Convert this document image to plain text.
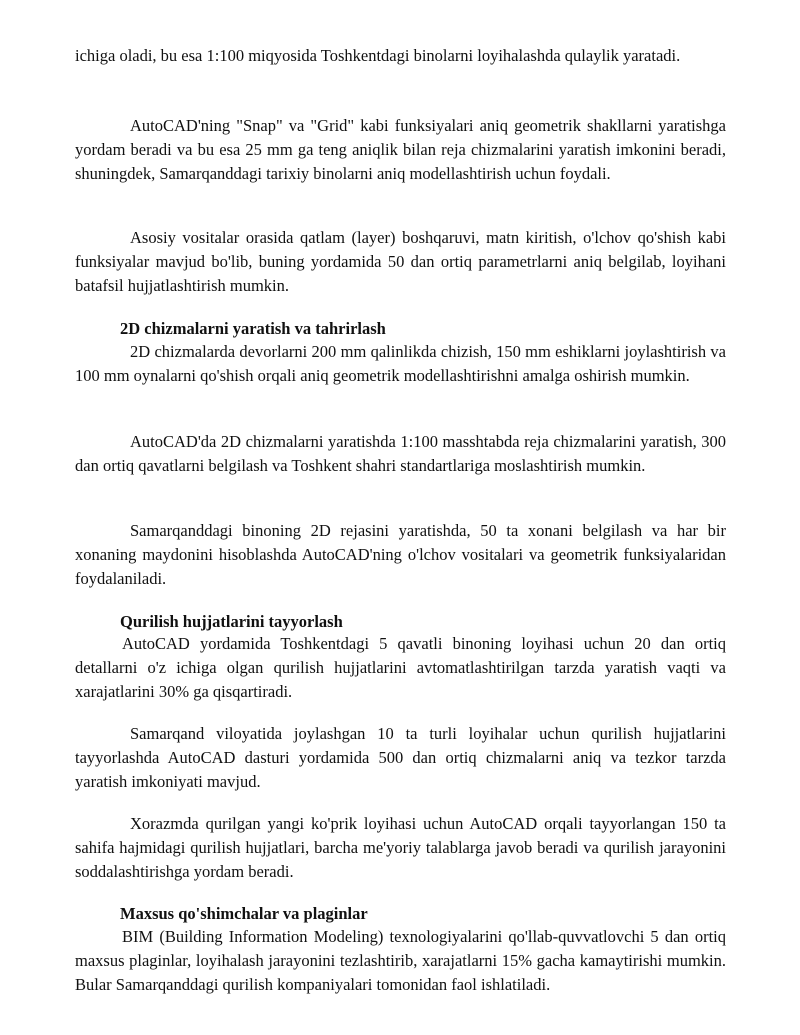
ichiga oladi, bu esa 1:100 miqyosida Toshkentdagi binolarni loyihalashda qulaylik yaratadi.

AutoCAD'ning "Snap" va "Grid" kabi funksiyalari aniq geometrik shakllarni yaratishga yordam beradi va bu esa 25 mm ga teng aniqlik bilan reja chizmalarini yaratish imkonini beradi, shuningdek, Samarqanddagi tarixiy binolarni aniq modellashtirish uchun foydali.

Asosiy vositalar orasida qatlam (layer) boshqaruvi, matn kiritish, o'lchov qo'shish kabi funksiyalar mavjud bo'lib, buning yordamida 50 dan ortiq parametrlarni aniq belgilab, loyihani batafsil hujjatlashtirish mumkin.

2D chizmalarni yaratish va tahrirlash

2D chizmalarda devorlarni 200 mm qalinlikda chizish, 150 mm eshiklarni joylashtirish va 100 mm oynalarni qo'shish orqali aniq geometrik modellashtirishni amalga oshirish mumkin.

AutoCAD'da 2D chizmalarni yaratishda 1:100 masshtabda reja chizmalarini yaratish, 300 dan ortiq qavatlarni belgilash va Toshkent shahri standartlariga moslashtirish mumkin.

Samarqanddagi binoning 2D rejasini yaratishda, 50 ta xonani belgilash va har bir xonaning maydonini hisoblashda AutoCAD'ning o'lchov vositalari va geometrik funksiyalaridan foydalaniladi.

Qurilish hujjatlarini tayyorlash

AutoCAD yordamida Toshkentdagi 5 qavatli binoning loyihasi uchun 20 dan ortiq detallarni o'z ichiga olgan qurilish hujjatlarini avtomatlashtirilgan tarzda yaratish vaqti va xarajatlarini 30% ga qisqartiradi.

Samarqand viloyatida joylashgan 10 ta turli loyihalar uchun qurilish hujjatlarini tayyorlashda AutoCAD dasturi yordamida 500 dan ortiq chizmalarni aniq va tezkor tarzda yaratish imkoniyati mavjud.

Xorazmda qurilgan yangi ko'prik loyihasi uchun AutoCAD orqali tayyorlangan 150 ta sahifa hajmidagi qurilish hujjatlari, barcha me'yoriy talablarga javob beradi va qurilish jarayonini soddalashtirishga yordam beradi.

Maxsus qo'shimchalar va plaginlar

BIM (Building Information Modeling) texnologiyalarini qo'llab-quvvatlovchi 5 dan ortiq maxsus plaginlar, loyihalash jarayonini tezlashtirib, xarajatlarni 15% gacha kamaytirishi mumkin. Bular Samarqanddagi qurilish kompaniyalari tomonidan faol ishlatiladi.
